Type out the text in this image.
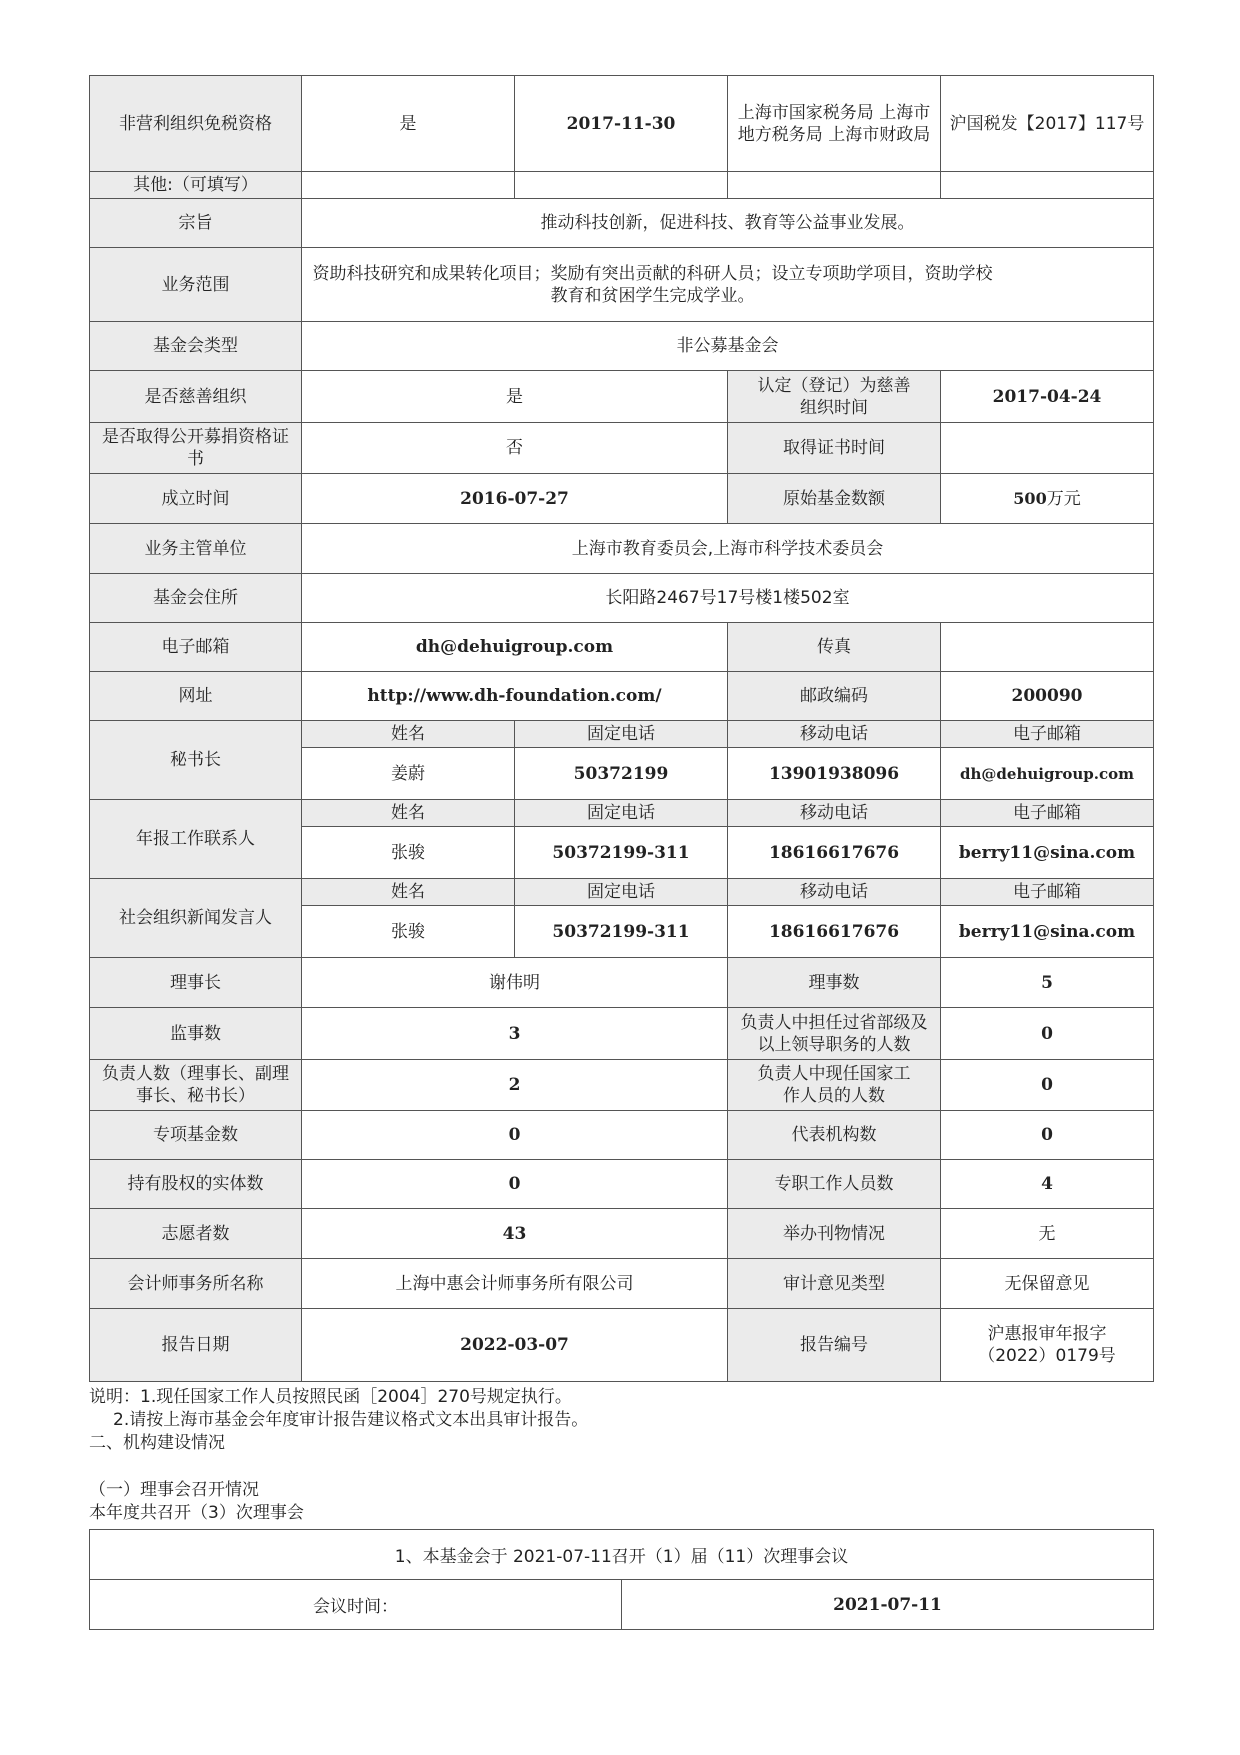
非营利组织免税资格	是	2017-11-30	上海市国家税务局 上海市地方税务局 上海市财政局	沪国税发【2017】117号
其他:（可填写）				
宗旨	推动科技创新，促进科技、教育等公益事业发展。			
业务范围	资助科技研究和成果转化项目；奖励有突出贡献的科研人员；设立专项助学项目，资助学校教育和贫困学生完成学业。			
基金会类型	非公募基金会			
是否慈善组织	是		认定（登记）为慈善组织时间	2017-04-24
是否取得公开募捐资格证书	否		取得证书时间	
成立时间	2016-07-27		原始基金数额	500万元
业务主管单位	上海市教育委员会,上海市科学技术委员会			
基金会住所	长阳路2467号17号楼1楼502室			
电子邮箱	dh@dehuigroup.com		传真	
网址	http://www.dh-foundation.com/		邮政编码	200090
秘书长	姓名	固定电话	移动电话	电子邮箱
	姜蔚	50372199	13901938096	dh@dehuigroup.com
年报工作联系人	姓名	固定电话	移动电话	电子邮箱
	张骏	50372199-311	18616617676	berry11@sina.com
社会组织新闻发言人	姓名	固定电话	移动电话	电子邮箱
	张骏	50372199-311	18616617676	berry11@sina.com
理事长	谢伟明		理事数	5
监事数	3		负责人中担任过省部级及以上领导职务的人数	0
负责人数（理事长、副理事长、秘书长）	2		负责人中现任国家工作人员的人数	0
专项基金数	0		代表机构数	0
持有股权的实体数	0		专职工作人员数	4
志愿者数	43		举办刊物情况	无
会计师事务所名称	上海中惠会计师事务所有限公司		审计意见类型	无保留意见
报告日期	2022-03-07		报告编号	沪惠报审年报字（2022）0179号
说明：1.现任国家工作人员按照民函［2004］270号规定执行。
2.请按上海市基金会年度审计报告建议格式文本出具审计报告。
二、机构建设情况
（一）理事会召开情况
本年度共召开（3）次理事会
1、本基金会于 2021-07-11召开（1）届（11）次理事会议
会议时间：	2021-07-11
